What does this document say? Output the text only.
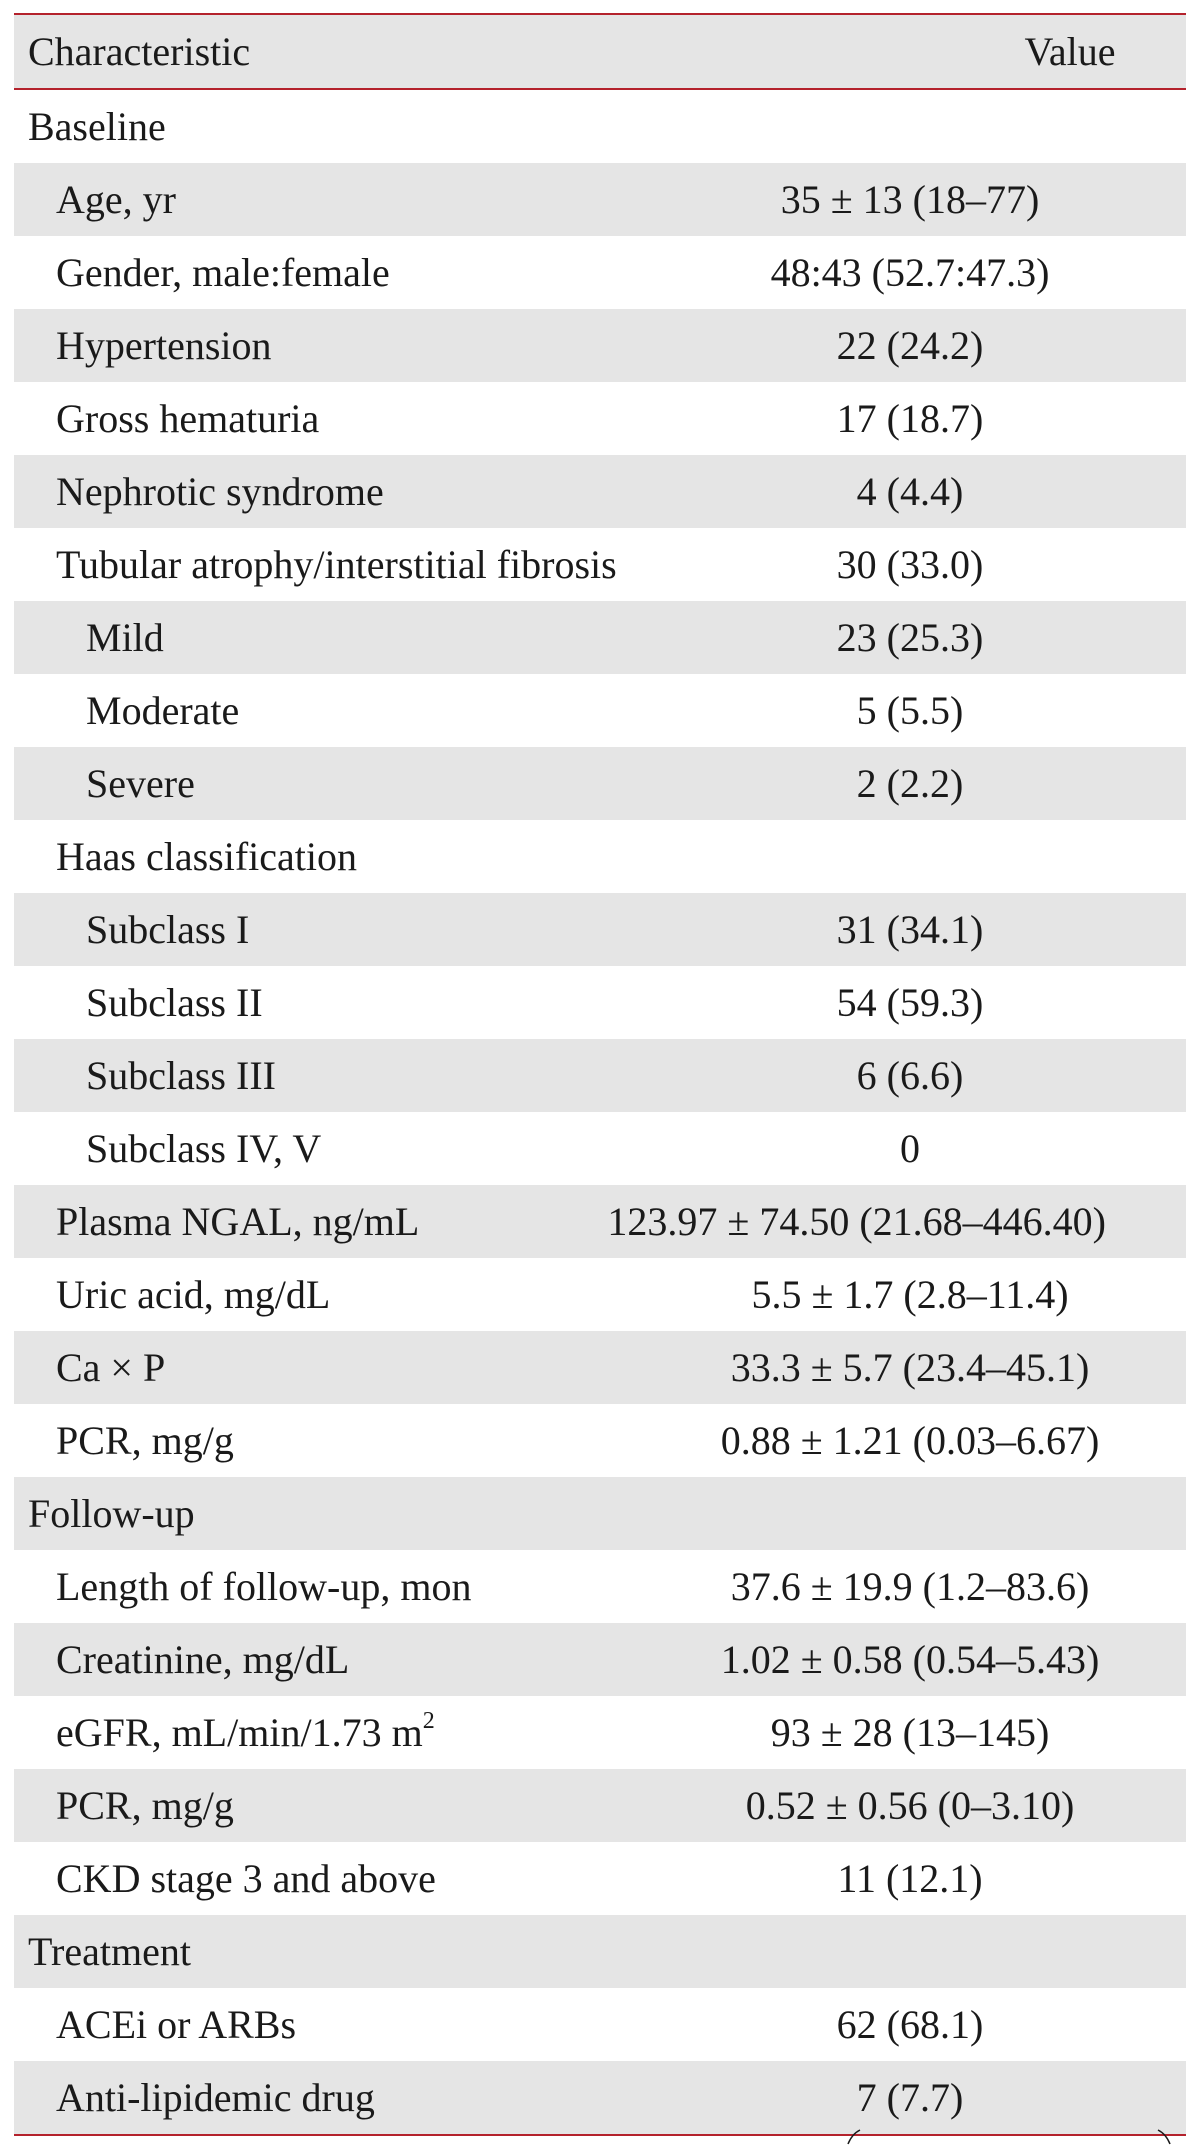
Characteristic	Value
Baseline
Age, yr	35 ± 13 (18–77)
Gender, male:female	48:43 (52.7:47.3)
Hypertension	22 (24.2)
Gross hematuria	17 (18.7)
Nephrotic syndrome	4 (4.4)
Tubular atrophy/interstitial fibrosis	30 (33.0)
Mild	23 (25.3)
Moderate	5 (5.5)
Severe	2 (2.2)
Haas classification
Subclass I	31 (34.1)
Subclass II	54 (59.3)
Subclass III	6 (6.6)
Subclass IV, V	0
Plasma NGAL, ng/mL	123.97 ± 74.50 (21.68–446.40)
Uric acid, mg/dL	5.5 ± 1.7 (2.8–11.4)
Ca × P	33.3 ± 5.7 (23.4–45.1)
PCR, mg/g	0.88 ± 1.21 (0.03–6.67)
Follow-up
Length of follow-up, mon	37.6 ± 19.9 (1.2–83.6)
Creatinine, mg/dL	1.02 ± 0.58 (0.54–5.43)
eGFR, mL/min/1.73 $m^2$	93 ± 28 (13–145)
PCR, mg/g	0.52 ± 0.56 (0–3.10)
CKD stage 3 and above	11 (12.1)
Treatment
ACEi or ARBs	62 (68.1)
Anti-lipidemic drug	7 (7.7)
